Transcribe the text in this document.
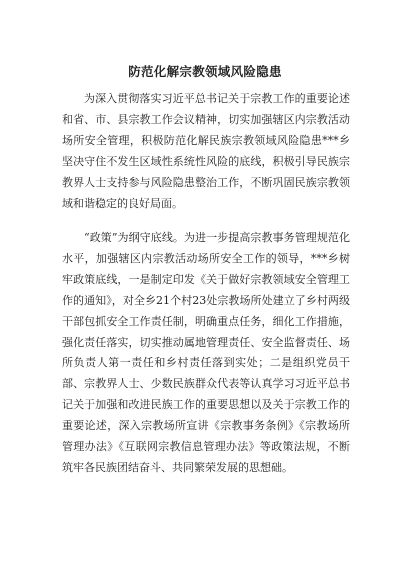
防范化解宗教领域风险隐患

为深入贯彻落实习近平总书记关于宗教工作的重要论述和省、市、县宗教工作会议精神，切实加强辖区内宗教活动场所安全管理，积极防范化解民族宗教领域风险隐患***乡坚决守住不发生区域性系统性风险的底线，积极引导民族宗教界人士支持参与风险隐患整治工作，不断巩固民族宗教领域和谐稳定的良好局面。

“政策”为纲守底线。为进一步提高宗教事务管理规范化水平，加强辖区内宗教活动场所安全工作的领导，***乡树牢政策底线，一是制定印发《关于做好宗教领域安全管理工作的通知》，对全乡21个村23处宗教场所处建立了乡村两级干部包抓安全工作责任制，明确重点任务，细化工作措施，强化责任落实，切实推动属地管理责任、安全监督责任、场所负责人第一责任和乡村责任落到实处；二是组织党员干部、宗教界人士、少数民族群众代表等认真学习习近平总书记关于加强和改进民族工作的重要思想以及关于宗教工作的重要论述，深入宗教场所宣讲《宗教事务条例》《宗教场所管理办法》《互联网宗教信息管理办法》等政策法规，不断筑牢各民族团结奋斗、共同繁荣发展的思想础。
